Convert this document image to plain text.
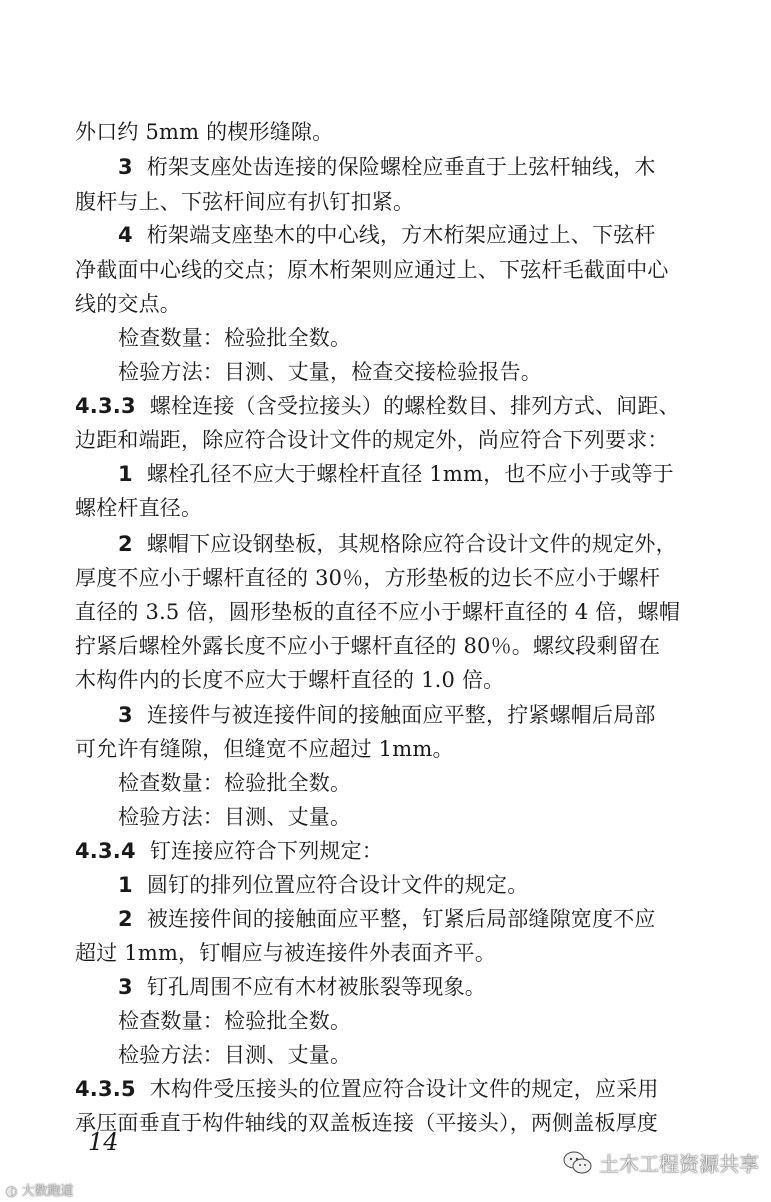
外口约 5mm 的楔形缝隙。
3 桁架支座处齿连接的保险螺栓应垂直于上弦杆轴线，木
腹杆与上、下弦杆间应有扒钉扣紧。
4 桁架端支座垫木的中心线，方木桁架应通过上、下弦杆
净截面中心线的交点；原木桁架则应通过上、下弦杆毛截面中心
线的交点。
检查数量：检验批全数。
检验方法：目测、丈量，检查交接检验报告。
4.3.3 螺栓连接（含受拉接头）的螺栓数目、排列方式、间距、
边距和端距，除应符合设计文件的规定外，尚应符合下列要求：
1 螺栓孔径不应大于螺栓杆直径 1mm，也不应小于或等于
螺栓杆直径。
2 螺帽下应设钢垫板，其规格除应符合设计文件的规定外，
厚度不应小于螺杆直径的 30％，方形垫板的边长不应小于螺杆
直径的 3.5 倍，圆形垫板的直径不应小于螺杆直径的 4 倍，螺帽
拧紧后螺栓外露长度不应小于螺杆直径的 80％。螺纹段剩留在
木构件内的长度不应大于螺杆直径的 1.0 倍。
3 连接件与被连接件间的接触面应平整，拧紧螺帽后局部
可允许有缝隙，但缝宽不应超过 1mm。
检查数量：检验批全数。
检验方法：目测、丈量。
4.3.4 钉连接应符合下列规定：
1 圆钉的排列位置应符合设计文件的规定。
2 被连接件间的接触面应平整，钉紧后局部缝隙宽度不应
超过 1mm，钉帽应与被连接件外表面齐平。
3 钉孔周围不应有木材被胀裂等现象。
检查数量：检验批全数。
检验方法：目测、丈量。
4.3.5 木构件受压接头的位置应符合设计文件的规定，应采用
承压面垂直于构件轴线的双盖板连接（平接头），两侧盖板厚度
14
◐ 大数跑道
土木工程资源共享
